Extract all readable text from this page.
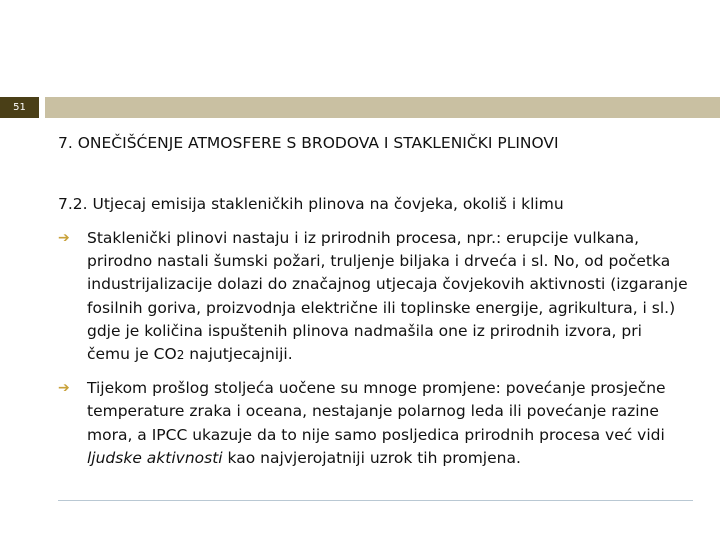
51
7. ONEČIŠĆENJE ATMOSFERE S BRODOVA I STAKLENIČKI PLINOVI
7.2. Utjecaj emisija stakleničkih plinova na čovjeka, okoliš i klimu
➔ Staklenički plinovi nastaju i iz prirodnih procesa, npr.: erupcije vulkana, prirodno nastali šumski požari, truljenje biljaka i drveća i sl. No, od početka industrijalizacije dolazi do značajnog utjecaja čovjekovih aktivnosti (izgaranje fosilnih goriva, proizvodnja električne ili toplinske energije, agrikultura, i sl.) gdje je količina ispuštenih plinova nadmašila one iz prirodnih izvora, pri čemu je CO2 najutjecajniji.
➔ Tijekom prošlog stoljeća uočene su mnoge promjene: povećanje prosječne temperature zraka i oceana, nestajanje polarnog leda ili povećanje razine mora, a IPCC ukazuje da to nije samo posljedica prirodnih procesa već vidi ljudske aktivnosti kao najvjerojatniji uzrok tih promjena.
